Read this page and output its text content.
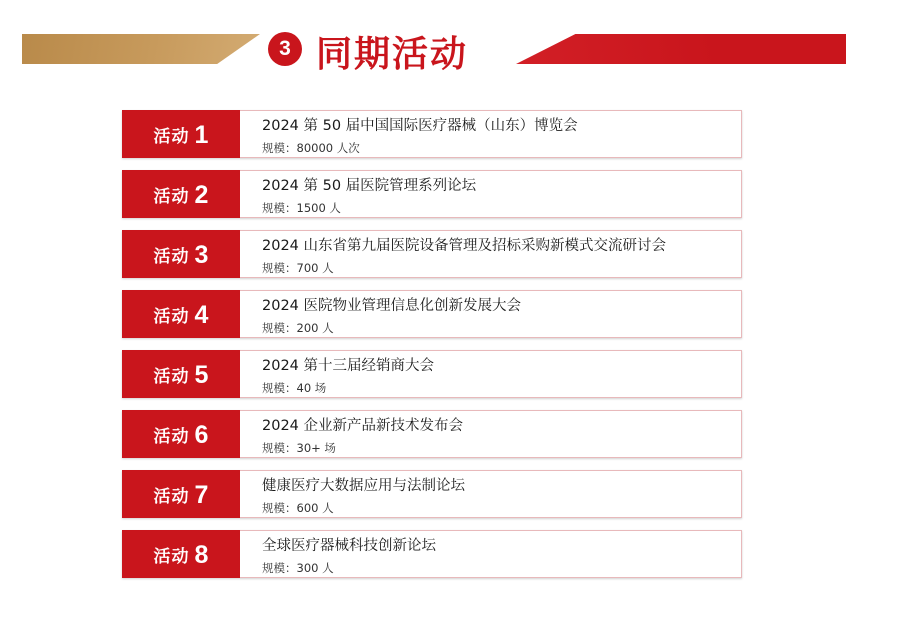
3 同期活动
活动 1	2024 第 50 届中国国际医疗器械（山东）博览会
规模：80000 人次
活动 2	2024 第 50 届医院管理系列论坛
规模：1500 人
活动 3	2024 山东省第九届医院设备管理及招标采购新模式交流研讨会
规模：700 人
活动 4	2024 医院物业管理信息化创新发展大会
规模：200 人
活动 5	2024 第十三届经销商大会
规模：40 场
活动 6	2024 企业新产品新技术发布会
规模：30+ 场
活动 7	健康医疗大数据应用与法制论坛
规模：600 人
活动 8	全球医疗器械科技创新论坛
规模：300 人
